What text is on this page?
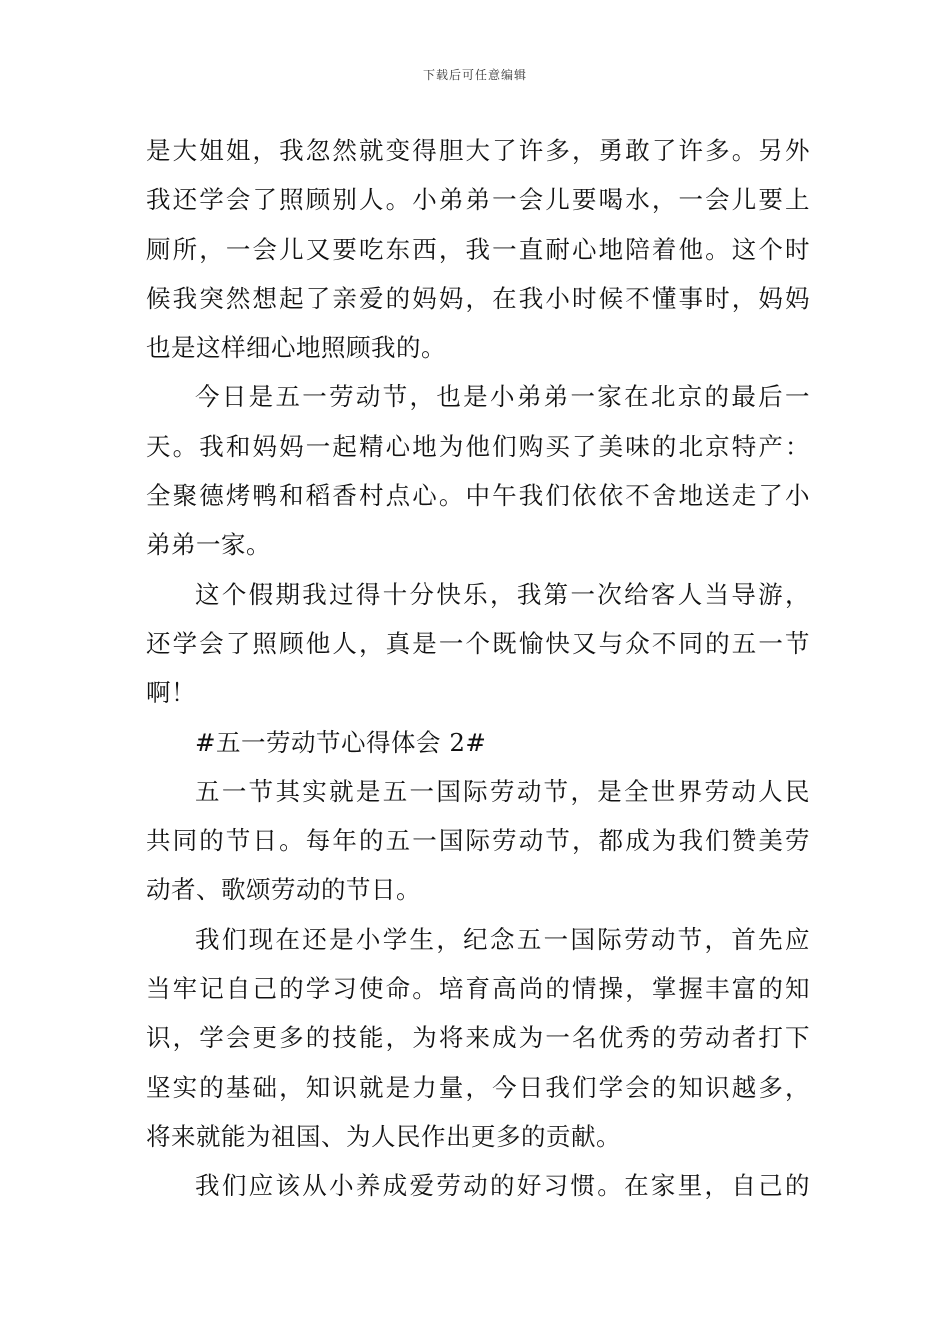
下载后可任意编辑
是大姐姐，我忽然就变得胆大了许多，勇敢了许多。另外
我还学会了照顾别人。小弟弟一会儿要喝水，一会儿要上
厕所，一会儿又要吃东西，我一直耐心地陪着他。这个时
候我突然想起了亲爱的妈妈，在我小时候不懂事时，妈妈
也是这样细心地照顾我的。
今日是五一劳动节，也是小弟弟一家在北京的最后一
天。我和妈妈一起精心地为他们购买了美味的北京特产：
全聚德烤鸭和稻香村点心。中午我们依依不舍地送走了小
弟弟一家。
这个假期我过得十分快乐，我第一次给客人当导游，
还学会了照顾他人，真是一个既愉快又与众不同的五一节
啊！
#五一劳动节心得体会 2#
五一节其实就是五一国际劳动节，是全世界劳动人民
共同的节日。每年的五一国际劳动节，都成为我们赞美劳
动者、歌颂劳动的节日。
我们现在还是小学生，纪念五一国际劳动节，首先应
当牢记自己的学习使命。培育高尚的情操，掌握丰富的知
识，学会更多的技能，为将来成为一名优秀的劳动者打下
坚实的基础，知识就是力量，今日我们学会的知识越多，
将来就能为祖国、为人民作出更多的贡献。
我们应该从小养成爱劳动的好习惯。在家里，自己的
